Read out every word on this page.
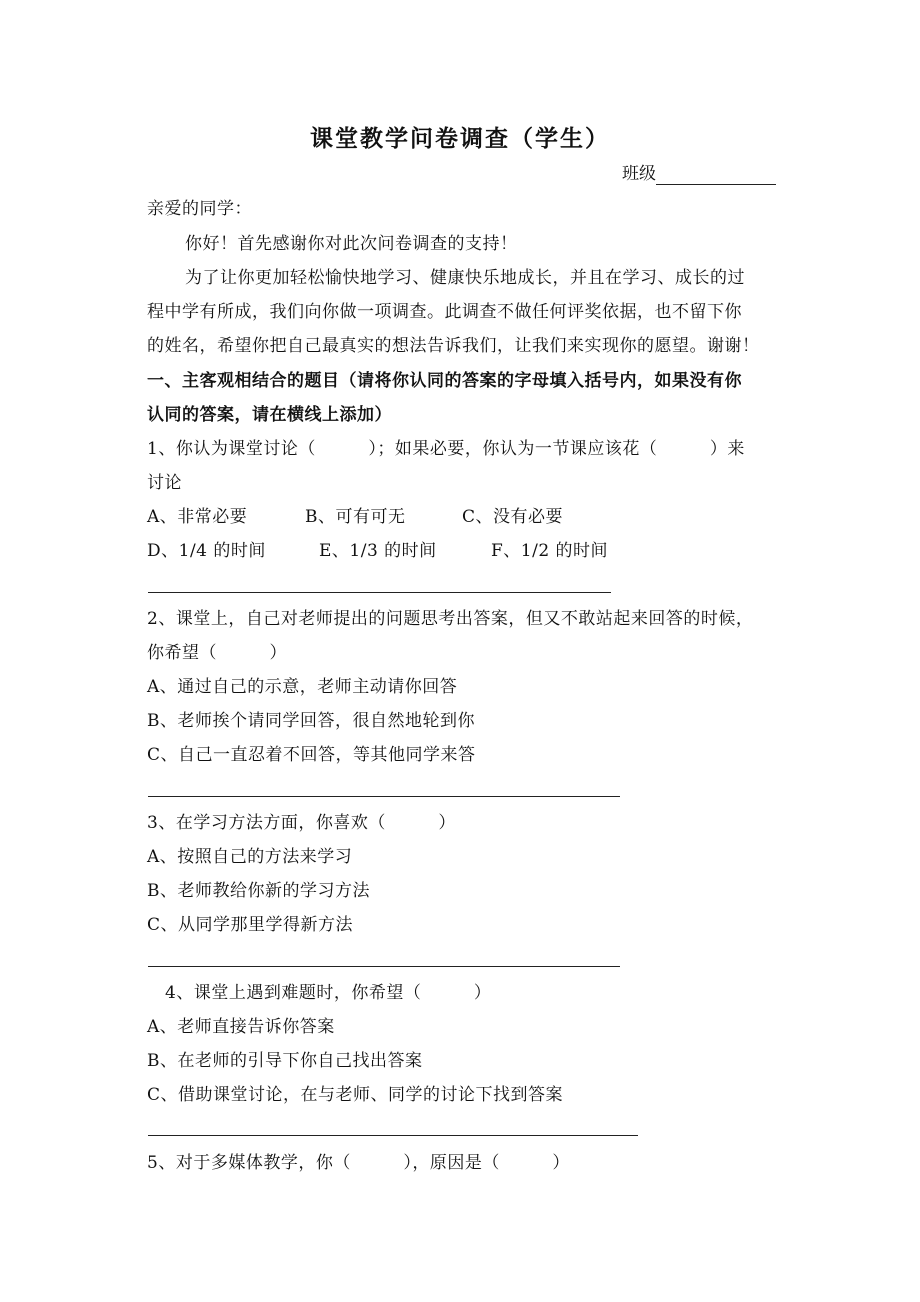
课堂教学问卷调查（学生）
班级
亲爱的同学：
你好！首先感谢你对此次问卷调查的支持！
为了让你更加轻松愉快地学习、健康快乐地成长，并且在学习、成长的过
程中学有所成，我们向你做一项调查。此调查不做任何评奖依据，也不留下你
的姓名，希望你把自己最真实的想法告诉我们，让我们来实现你的愿望。谢谢！
一、主客观相结合的题目（请将你认同的答案的字母填入括号内，如果没有你
认同的答案，请在横线上添加）
1、你认为课堂讨论（　　　）；如果必要，你认为一节课应该花（　　　）来
讨论
A、非常必要	B、可有可无	C、没有必要
D、1/4 的时间	E、1/3 的时间	F、1/2 的时间
2、课堂上，自己对老师提出的问题思考出答案，但又不敢站起来回答的时候，
你希望（　　　）
A、通过自己的示意，老师主动请你回答
B、老师挨个请同学回答，很自然地轮到你
C、自己一直忍着不回答，等其他同学来答
3、在学习方法方面，你喜欢（　　　）
A、按照自己的方法来学习
B、老师教给你新的学习方法
C、从同学那里学得新方法
4、课堂上遇到难题时，你希望（　　　）
A、老师直接告诉你答案
B、在老师的引导下你自己找出答案
C、借助课堂讨论，在与老师、同学的讨论下找到答案
5、对于多媒体教学，你（　　　），原因是（　　　）
